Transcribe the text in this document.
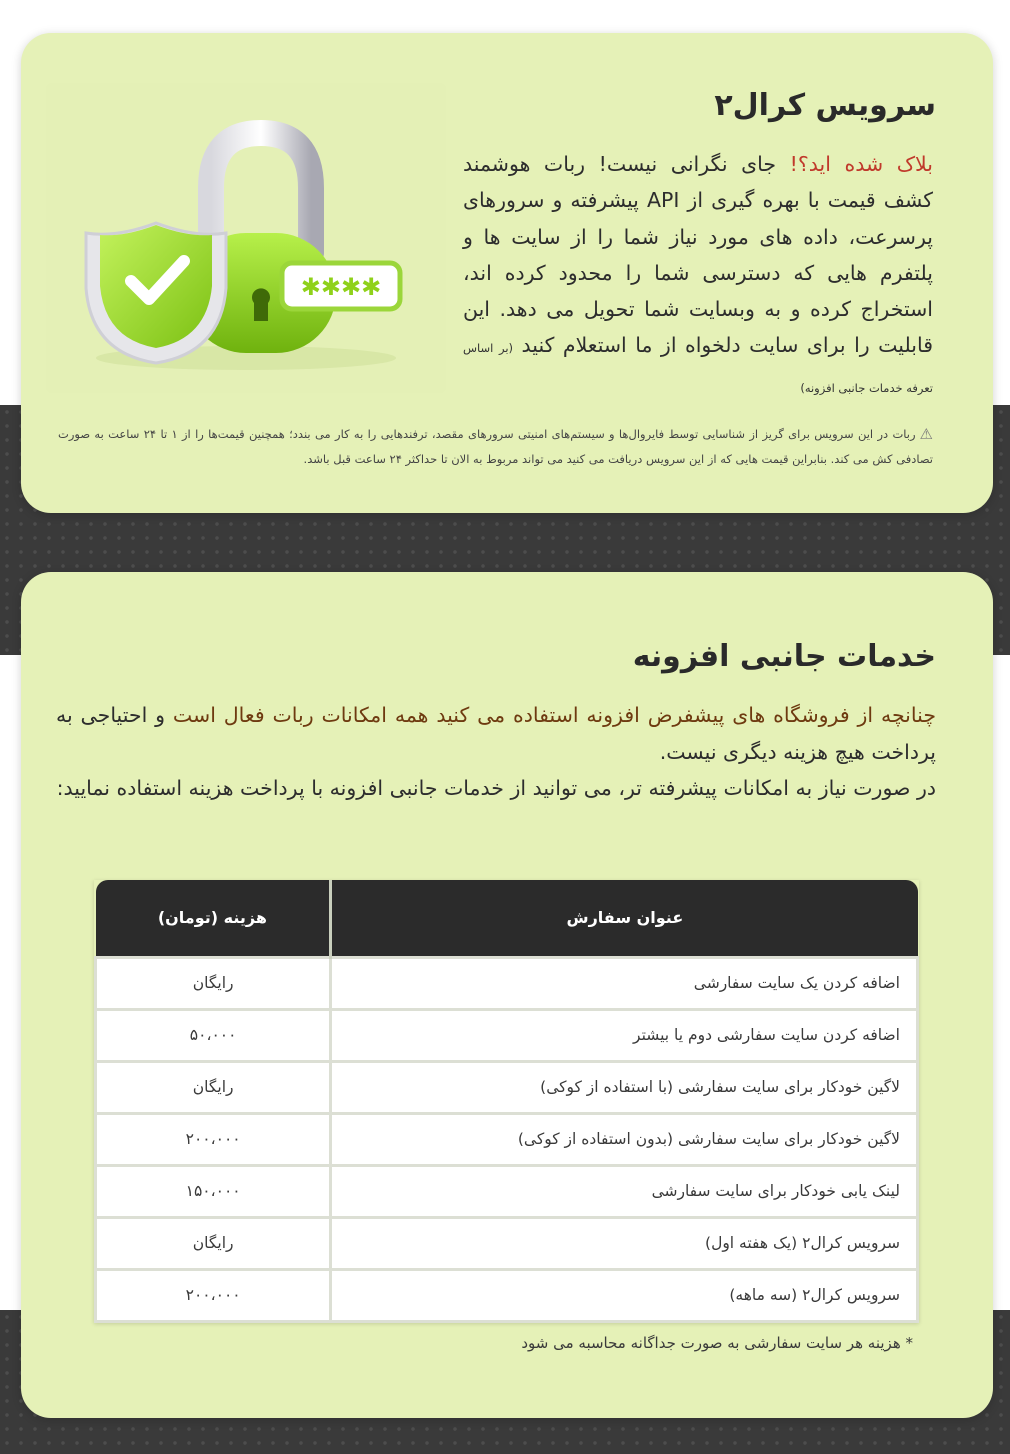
✱✱✱✱
سرویس کرال۲

بلاک شده اید؟! جای نگرانی نیست! ربات هوشمند کشف قیمت با بهره گیری از API پیشرفته و سرورهای پرسرعت، داده های مورد نیاز شما را از سایت ها و پلتفرم هایی که دسترسی شما را محدود کرده اند، استخراج کرده و به وبسایت شما تحویل می دهد. این قابلیت را برای سایت دلخواه از ما استعلام کنید (بر اساس تعرفه خدمات جانبی افزونه)

⚠ربات در این سرویس برای گریز از شناسایی توسط فایروال‌ها و سیستم‌های امنیتی سرورهای مقصد، ترفندهایی را به کار می بندد؛ همچنین قیمت‌ها را از ۱ تا ۲۴ ساعت به صورت تصادفی کش می کند. بنابراین قیمت هایی که از این سرویس دریافت می کنید می تواند مربوط به الان تا حداکثر ۲۴ ساعت قبل باشد.

خدمات جانبی افزونه
چنانچه از فروشگاه های پیشفرض افزونه استفاده می کنید همه امکانات ربات فعال است و احتیاجی به پرداخت هیچ هزینه دیگری نیست.
در صورت نیاز به امکانات پیشرفته تر، می توانید از خدمات جانبی افزونه با پرداخت هزینه استفاده نمایید:
عنوان سفارش	هزینه (تومان)
اضافه کردن یک سایت سفارشی	رایگان
اضافه کردن سایت سفارشی دوم یا بیشتر	۵۰،۰۰۰
لاگین خودکار برای سایت سفارشی (با استفاده از کوکی)	رایگان
لاگین خودکار برای سایت سفارشی (بدون استفاده از کوکی)	۲۰۰،۰۰۰
لینک یابی خودکار برای سایت سفارشی	۱۵۰،۰۰۰
سرویس کرال۲ (یک هفته اول)	رایگان
سرویس کرال۲ (سه ماهه)	۲۰۰،۰۰۰

* هزینه هر سایت سفارشی به صورت جداگانه محاسبه می شود
